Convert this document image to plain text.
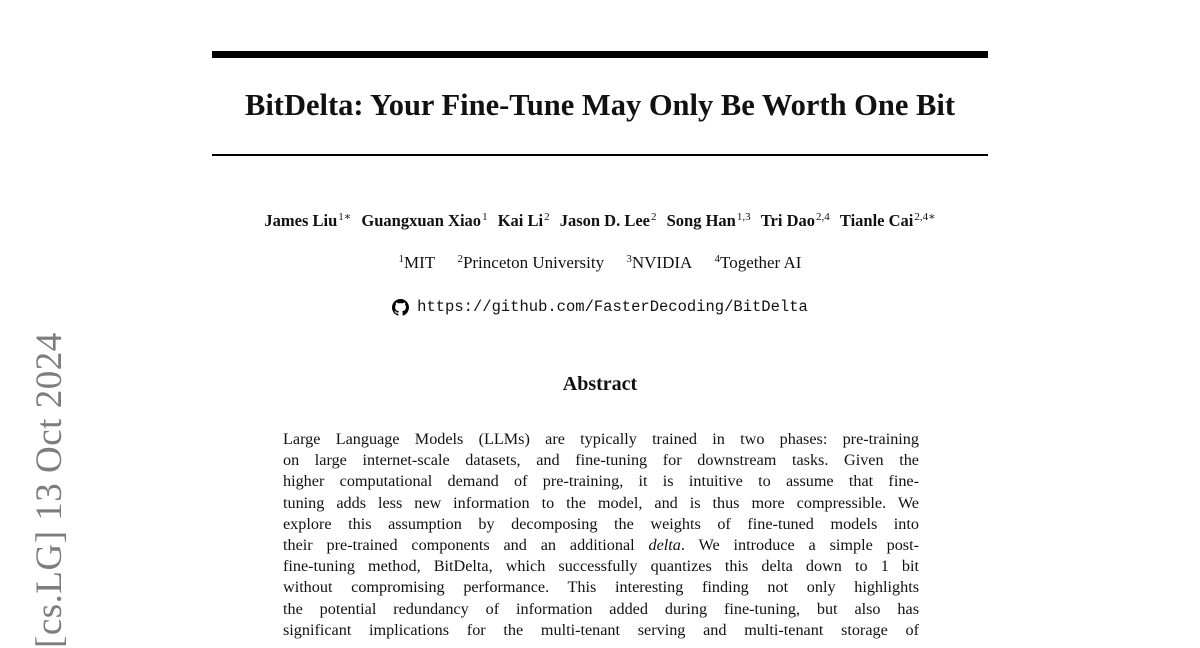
[cs.LG] 13 Oct 2024
BitDelta: Your Fine-Tune May Only Be Worth One Bit
James Liu$^{1∗}$ Guangxuan Xiao$^1$ Kai Li$^2$ Jason D. Lee$^2$ Song Han$^{1,3}$ Tri Dao$^{2,4}$ Tianle Cai$^{2,4∗}$
$^1$MIT $^2$Princeton University $^3$NVIDIA $^4$Together AI
https://github.com/FasterDecoding/BitDelta
Abstract
Large Language Models (LLMs) are typically trained in two phases: pre-training
on large internet-scale datasets, and fine-tuning for downstream tasks. Given the
higher computational demand of pre-training, it is intuitive to assume that fine-
tuning adds less new information to the model, and is thus more compressible. We
explore this assumption by decomposing the weights of fine-tuned models into
their pre-trained components and an additional delta. We introduce a simple post-
fine-tuning method, BitDelta, which successfully quantizes this delta down to 1 bit
without compromising performance. This interesting finding not only highlights
the potential redundancy of information added during fine-tuning, but also has
significant implications for the multi-tenant serving and multi-tenant storage of
